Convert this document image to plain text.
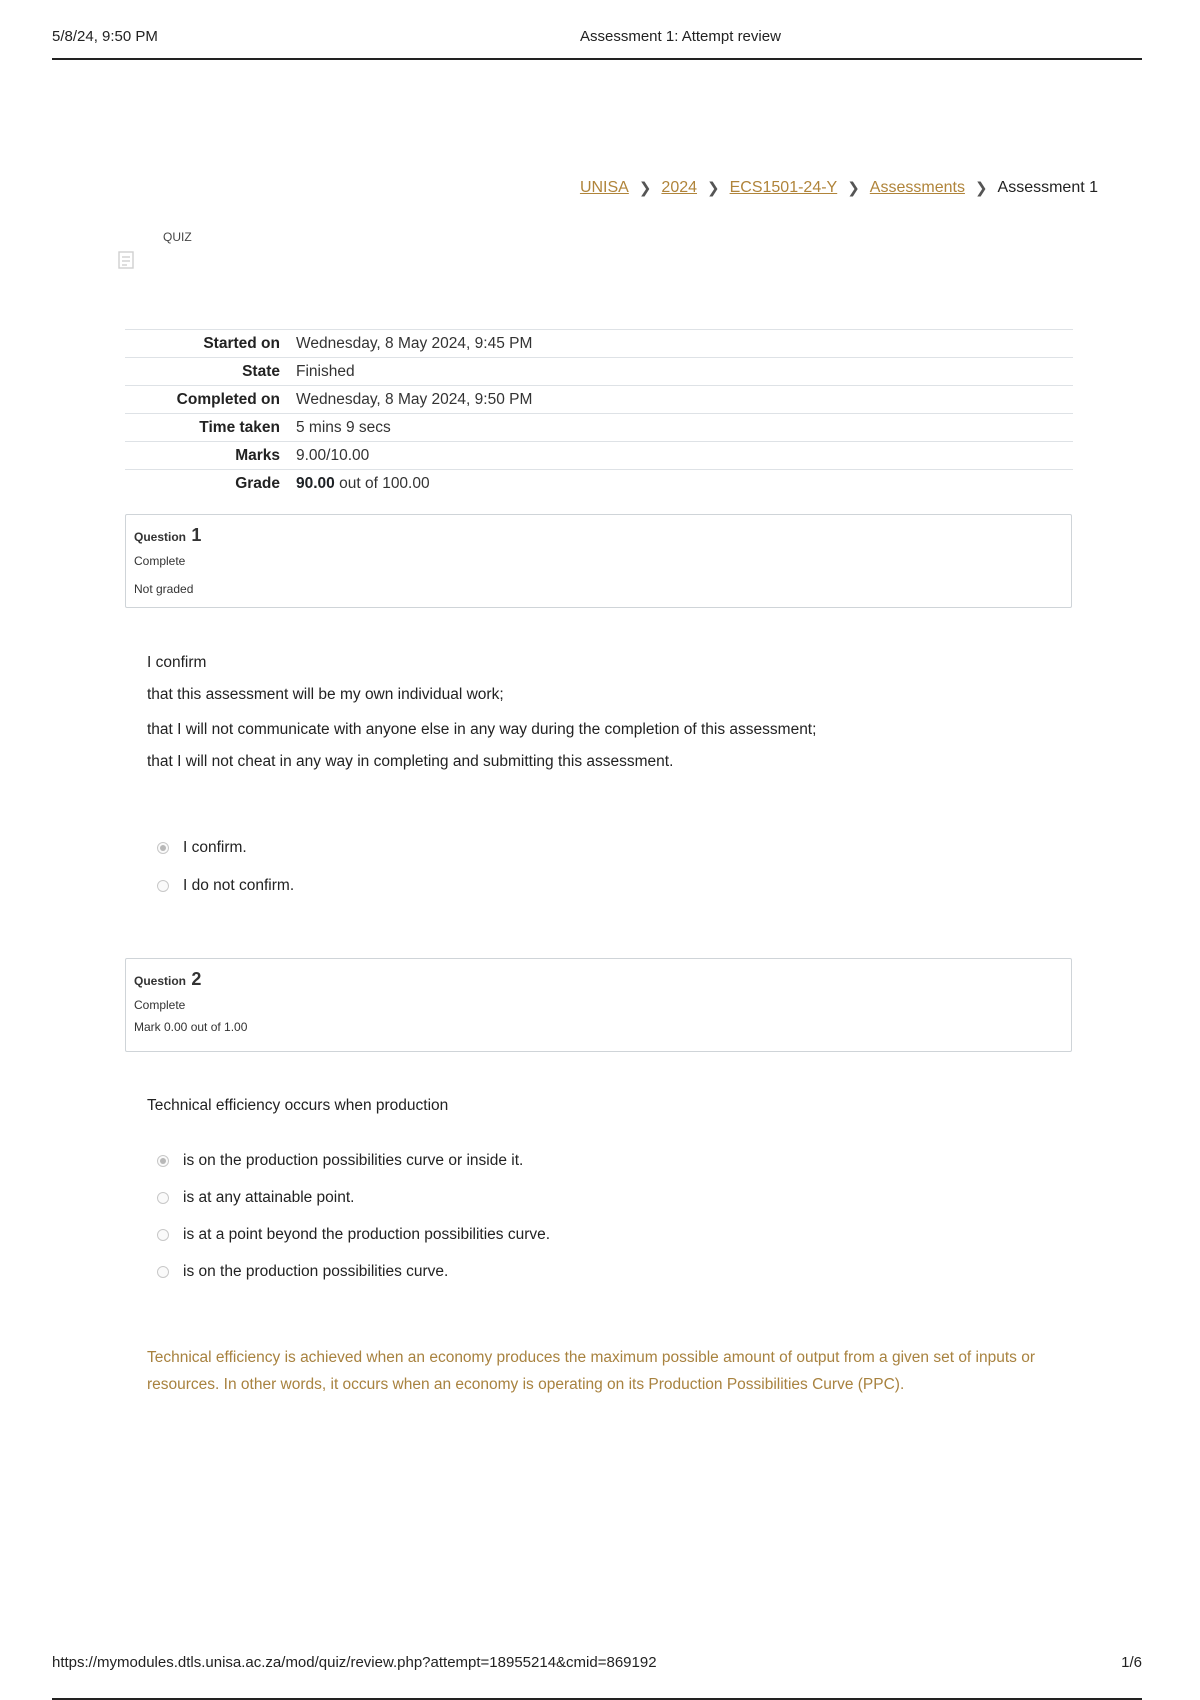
5/8/24, 9:50 PM	Assessment 1: Attempt review
UNISA ❯ 2024 ❯ ECS1501-24-Y ❯ Assessments ❯ Assessment 1
QUIZ
Started on	Wednesday, 8 May 2024, 9:45 PM
State	Finished
Completed on	Wednesday, 8 May 2024, 9:50 PM
Time taken	5 mins 9 secs
Marks	9.00/10.00
Grade	90.00 out of 100.00
Question 1
Complete
Not graded

I confirm

that this assessment will be my own individual work;

that I will not communicate with anyone else in any way during the completion of this assessment;

that I will not cheat in any way in completing and submitting this assessment.

I confirm.
I do not confirm.
Question 2
Complete
Mark 0.00 out of 1.00

Technical efficiency occurs when production

is on the production possibilities curve or inside it.
is at any attainable point.
is at a point beyond the production possibilities curve.
is on the production possibilities curve.
Technical efficiency is achieved when an economy produces the maximum possible amount of output from a given set of inputs or resources. In other words, it occurs when an economy is operating on its Production Possibilities Curve (PPC).
https://mymodules.dtls.unisa.ac.za/mod/quiz/review.php?attempt=18955214&cmid=869192	1/6
